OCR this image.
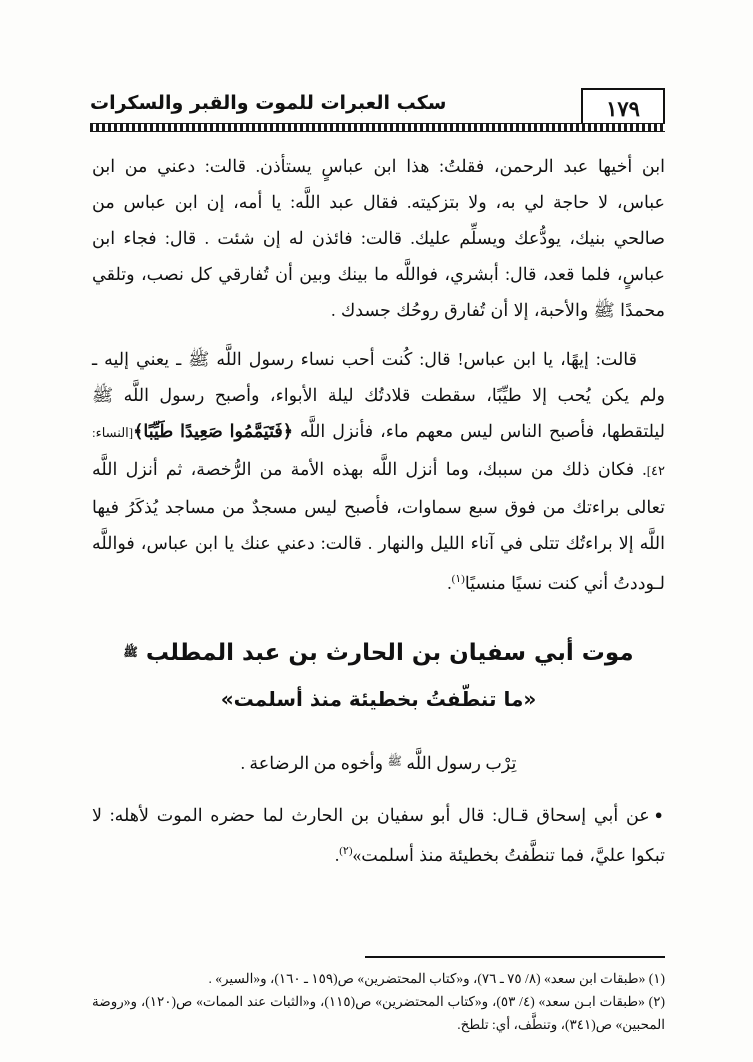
١٧٩
سكب العبرات للموت والقبر والسكرات

ابن أخيها عبد الرحمن، فقلتُ: هذا ابن عباسٍ يستأذن. قالت: دعني من ابن عباس، لا حاجة لي به، ولا بتزكيته. فقال عبد اللَّه: يا أمه، إن ابن عباس من صالحي بنيك، يودُّعك ويسلِّم عليك. قالت: فائذن له إن شئت . قال: فجاء ابن عباسٍ، فلما قعد، قال: أبشري، فواللَّه ما بينك وبين أن تُفارقي كل نصب، وتلقي محمدًا ﷺ والأحبة، إلا أن تُفارق روحُك جسدك .

قالت: إيهًا، يا ابن عباس! قال: كُنت أحب نساء رسول اللَّه ﷺ ـ يعني إليه ـ ولم يكن يُحب إلا طيِّبًا، سقطت قلادتُك ليلة الأبواء، وأصبح رسول اللَّه ﷺ ليلتقطها، فأصبح الناس ليس معهم ماء، فأنزل اللَّه ﴿فَتَيَمَّمُوا صَعِيدًا طَيِّبًا﴾[النساء: ٤٢]. فكان ذلك من سببك، وما أنزل اللَّه بهذه الأمة من الرُّخصة، ثم أنزل اللَّه تعالى براءتك من فوق سبع سماوات، فأصبح ليس مسجدٌ من مساجد يُذكَرُ فيها اللَّه إلا براءتُك تتلى في آناء الليل والنهار . قالت: دعني عنك يا ابن عباس، فواللَّه لـوددتُ أني كنت نسيًا منسيًا$^{(١)}$.

موت أبي سفيان بن الحارث بن عبد المطلب ﷺ
«ما تنطّفتُ بخطيئة منذ أسلمت»

تِرْب رسول اللَّه $^ﷺ$ وأخوه من الرضاعة .

●عن أبي إسحاق قـال: قال أبو سفيان بن الحارث لما حضره الموت لأهله: لا تبكوا عليَّ، فما تنطَّفتُ بخطيئة منذ أسلمت»$^{(٢)}$.

(١) «طبقات ابن سعد» (٨/ ٧٥ ـ ٧٦)، و«كتاب المحتضرين» ص(١٥٩ ـ ١٦٠)، و«السير» .

(٢) «طبقات ابـن سعد» (٤/ ٥٣)، و«كتاب المحتضرين» ص(١١٥)، و«الثبات عند الممات» ص(١٢٠)، و«روضة المحبين» ص(٣٤١)، وتنطَّف، أي: تلطخ.
